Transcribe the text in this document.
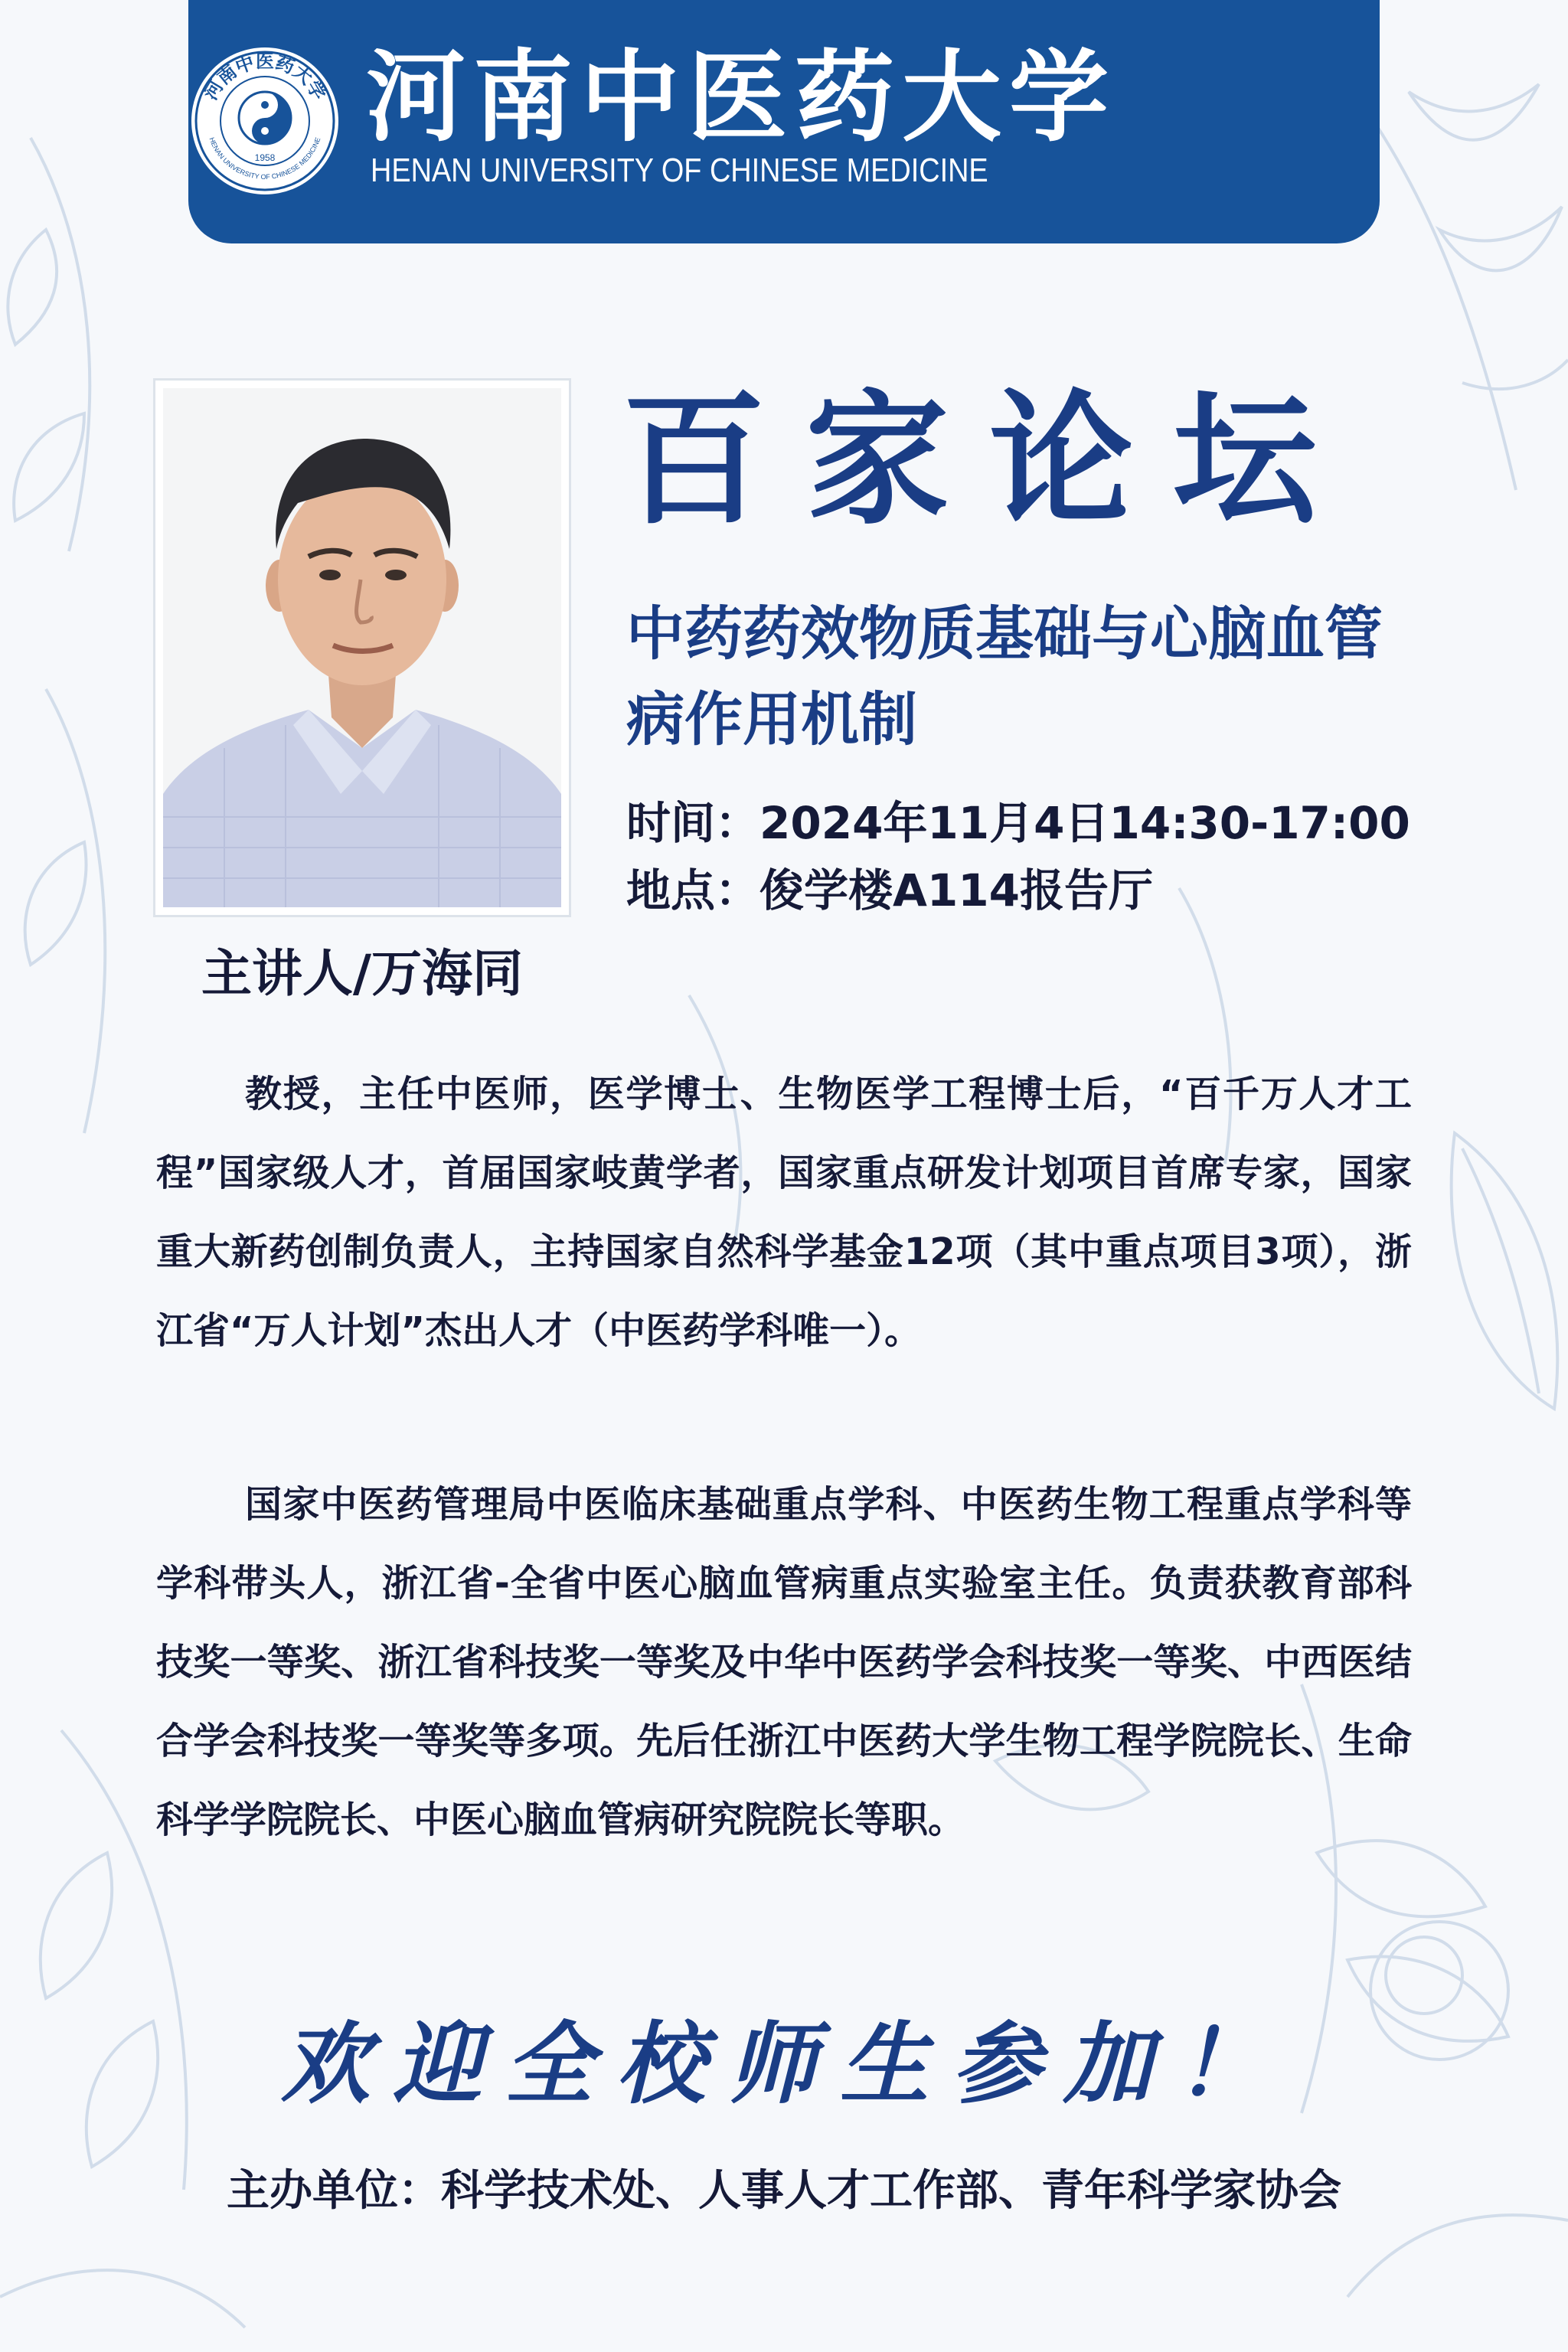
河南中医药大学
HENAN UNIVERSITY OF CHINESE MEDICINE
1958
河南中医药大学
HENAN UNIVERSITY OF CHINESE MEDICINE
主讲人/万海同
百家论坛
中药药效物质基础与心脑血管病作用机制
时间：2024年11月4日14:30-17:00
地点：俊学楼A114报告厅

教授，主任中医师，医学博士、生物医学工程博士后，“百千万人才工程”国家级人才，首届国家岐黄学者，国家重点研发计划项目首席专家，国家重大新药创制负责人，主持国家自然科学基金12项（其中重点项目3项），浙江省“万人计划”杰出人才（中医药学科唯一）。

国家中医药管理局中医临床基础重点学科、中医药生物工程重点学科等学科带头人，浙江省-全省中医心脑血管病重点实验室主任。负责获教育部科技奖一等奖、浙江省科技奖一等奖及中华中医药学会科技奖一等奖、中西医结合学会科技奖一等奖等多项。先后任浙江中医药大学生物工程学院院长、生命科学学院院长、中医心脑血管病研究院院长等职。

欢迎全校师生参加！
主办单位：科学技术处、人事人才工作部、青年科学家协会
